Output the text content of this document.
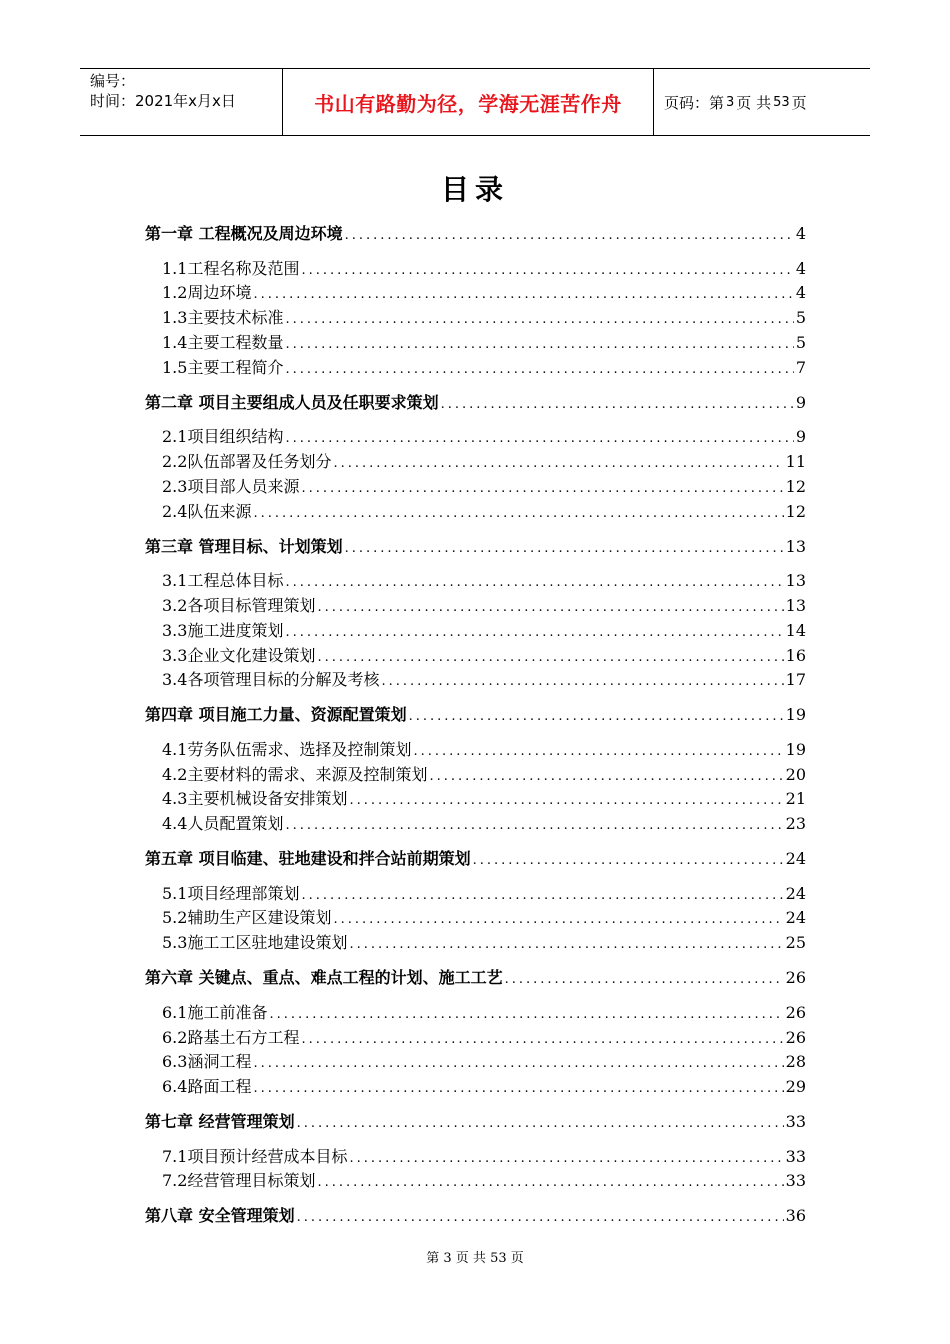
编号：
时间：2021年x月x日	书山有路勤为径，学海无涯苦作舟	页码：第 3 页 共 53 页
目录
第一章 工程概况及周边环境 .....	4
1.1工程名称及范围 .....	4
1.2周边环境 .....	4
1.3主要技术标准 .....	5
1.4主要工程数量 .....	5
1.5主要工程简介 .....	7
第二章 项目主要组成人员及任职要求策划 .....	9
2.1项目组织结构 .....	9
2.2队伍部署及任务划分 .....	11
2.3项目部人员来源 .....	12
2.4队伍来源 .....	12
第三章 管理目标、计划策划 .....	13
3.1工程总体目标 .....	13
3.2各项目标管理策划 .....	13
3.3施工进度策划 .....	14
3.3企业文化建设策划 .....	16
3.4各项管理目标的分解及考核 .....	17
第四章 项目施工力量、资源配置策划 .....	19
4.1劳务队伍需求、选择及控制策划 .....	19
4.2主要材料的需求、来源及控制策划 .....	20
4.3主要机械设备安排策划 .....	21
4.4人员配置策划 .....	23
第五章 项目临建、驻地建设和拌合站前期策划 .....	24
5.1项目经理部策划 .....	24
5.2辅助生产区建设策划 .....	24
5.3施工工区驻地建设策划 .....	25
第六章 关键点、重点、难点工程的计划、施工工艺 .....	26
6.1施工前准备 .....	26
6.2路基土石方工程 .....	26
6.3涵洞工程 .....	28
6.4路面工程 .....	29
第七章 经营管理策划 .....	33
7.1项目预计经营成本目标 .....	33
7.2经营管理目标策划 .....	33
第八章 安全管理策划 .....	36
第 3 页 共 53 页
